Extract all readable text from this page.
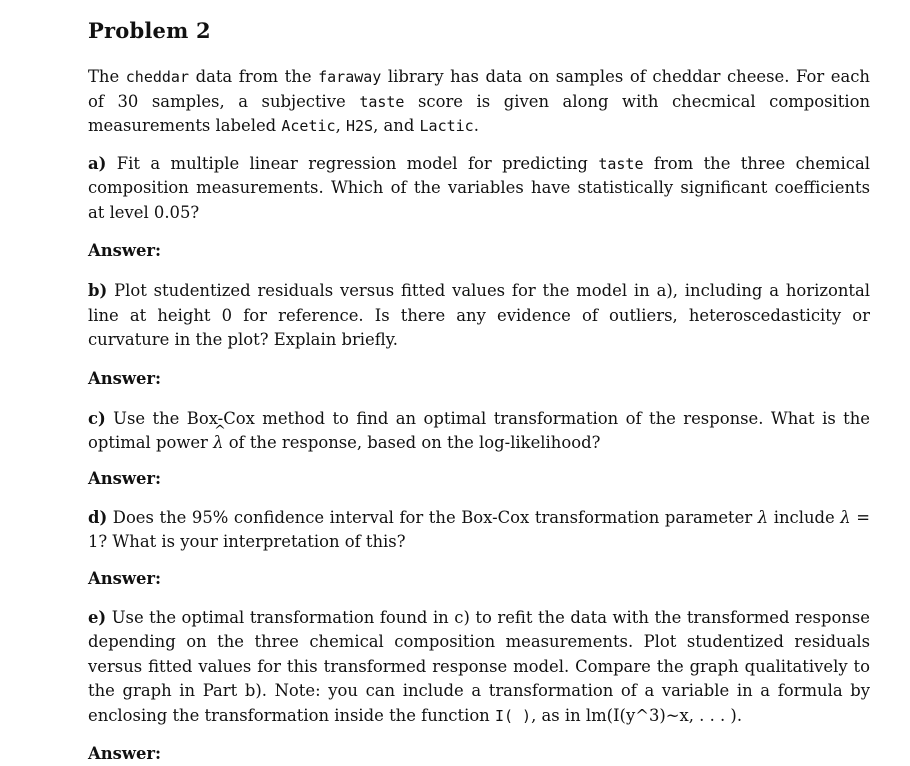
Problem 2

The cheddar data from the faraway library has data on samples of cheddar cheese. For each of 30 samples, a subjective taste score is given along with checmical composition measurements labeled Acetic, H2S, and Lactic.

a) Fit a multiple linear regression model for predicting taste from the three chemical composition measurements. Which of the variables have statistically significant coefficients at level 0.05?

Answer:

b) Plot studentized residuals versus fitted values for the model in a), including a horizontal line at height 0 for reference. Is there any evidence of outliers, heteroscedasticity or curvature in the plot? Explain briefly.

Answer:

c) Use the Box-Cox method to find an optimal transformation of the response. What is the optimal power ^ λ of the response, based on the log-likelihood?

Answer:

d) Does the 95% confidence interval for the Box-Cox transformation parameter λ include λ = 1? What is your interpretation of this?

Answer:

e) Use the optimal transformation found in c) to refit the data with the transformed response depending on the three chemical composition measurements. Plot studentized residuals versus fitted values for this transformed response model. Compare the graph qualitatively to the graph in Part b). Note: you can include a transformation of a variable in a formula by enclosing the transformation inside the function I( ), as in lm(I(y^3)~x, . . . ).

Answer:
